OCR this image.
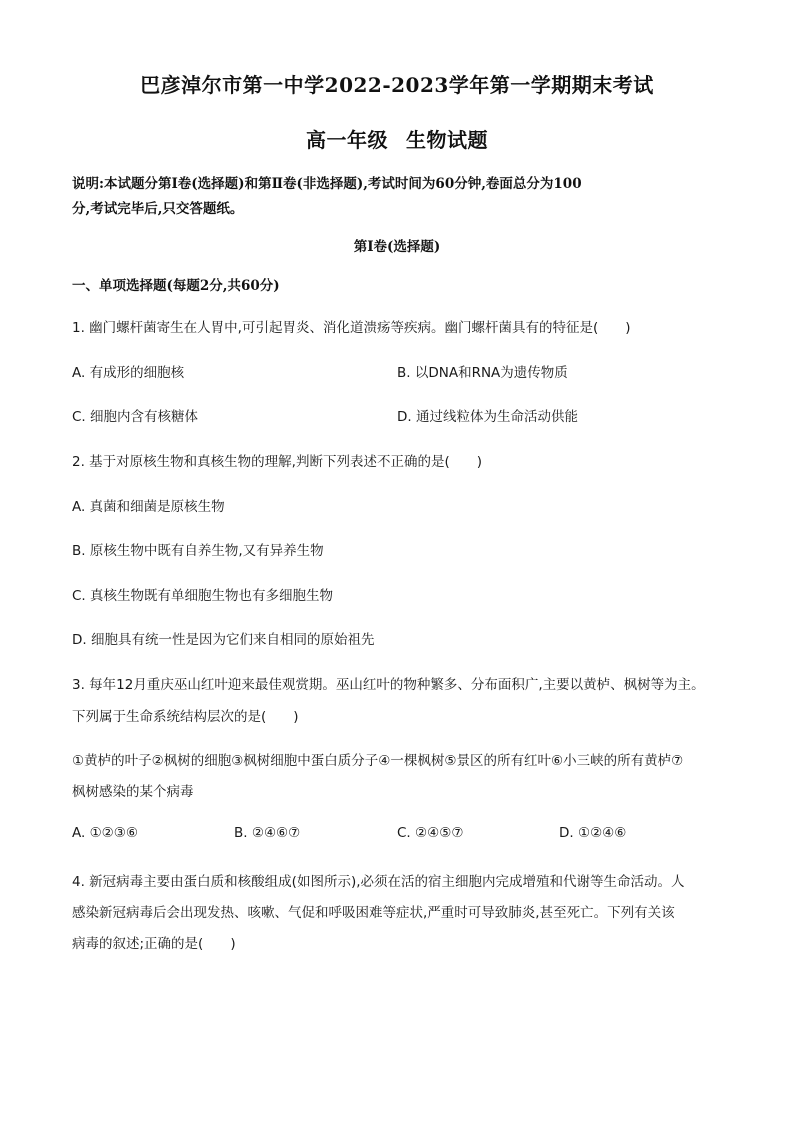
巴彦淖尔市第一中学2022-2023学年第一学期期末考试
高一年级 生物试题
说明:本试题分第Ⅰ卷(选择题)和第Ⅱ卷(非选择题),考试时间为60分钟,卷面总分为100
分,考试完毕后,只交答题纸。
第Ⅰ卷(选择题)
一、单项选择题(每题2分,共60分)
1. 幽门螺杆菌寄生在人胃中,可引起胃炎、消化道溃疡等疾病。幽门螺杆菌具有的特征是(　　)
A. 有成形的细胞核	B. 以DNA和RNA为遗传物质
C. 细胞内含有核糖体	D. 通过线粒体为生命活动供能
2. 基于对原核生物和真核生物的理解,判断下列表述不正确的是(　　)
A. 真菌和细菌是原核生物
B. 原核生物中既有自养生物,又有异养生物
C. 真核生物既有单细胞生物也有多细胞生物
D. 细胞具有统一性是因为它们来自相同的原始祖先
3. 每年12月重庆巫山红叶迎来最佳观赏期。巫山红叶的物种繁多、分布面积广,主要以黄栌、枫树等为主。
下列属于生命系统结构层次的是(　　)
①黄栌的叶子②枫树的细胞③枫树细胞中蛋白质分子④一棵枫树⑤景区的所有红叶⑥小三峡的所有黄栌⑦
枫树感染的某个病毒
A. ①②③⑥	B. ②④⑥⑦	C. ②④⑤⑦	D. ①②④⑥
4. 新冠病毒主要由蛋白质和核酸组成(如图所示),必须在活的宿主细胞内完成增殖和代谢等生命活动。人
感染新冠病毒后会出现发热、咳嗽、气促和呼吸困难等症状,严重时可导致肺炎,甚至死亡。下列有关该
病毒的叙述;正确的是(　　)
